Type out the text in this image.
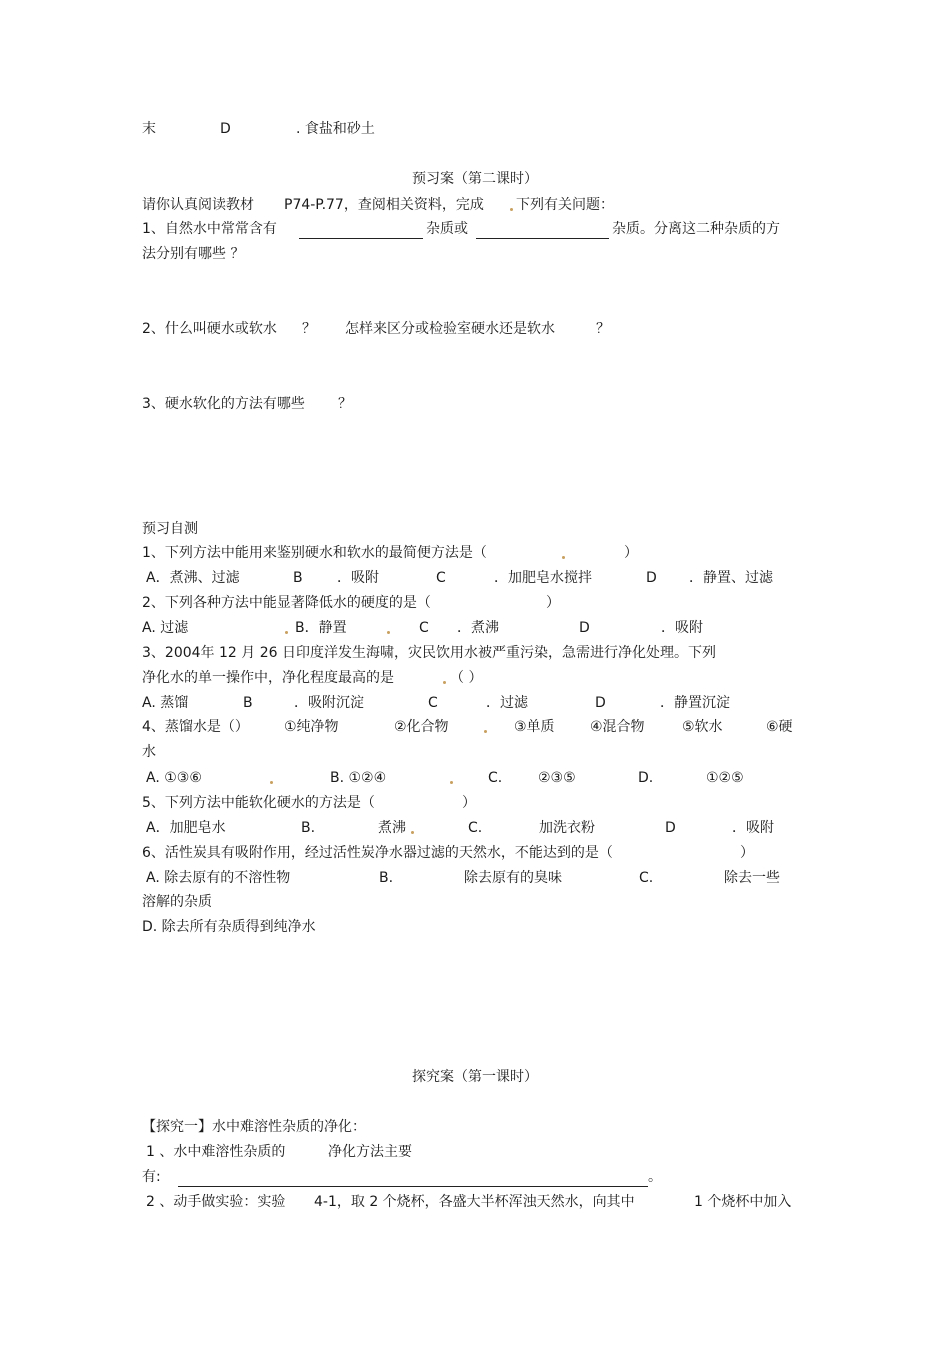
末	D	. 食盐和砂土
预习案（第二课时）
请你认真阅读教材 P74-P.77，查阅相关资料，完成 下列有关问题：
1、自然水中常常含有	杂质或	杂质。分离这二种杂质的方
法分别有哪些 ？
2、什么叫硬水或软水 ？ 怎样来区分或检验室硬水还是软水	？
3、硬水软化的方法有哪些 ？
预习自测
1、下列方法中能用来鉴别硬水和软水的最简便方法是（	）
A．煮沸、过滤	B ．吸附	C	．加肥皂水搅拌	D ．静置、过滤
2、下列各种方法中能显著降低水的硬度的是（	）
A. 过滤	B．静置	C ．煮沸	D	．吸附
3、2004年 12 月 26 日印度洋发生海啸，灾民饮用水被严重污染，急需进行净化处理。下列
净化水的单一操作中，净化程度最高的是	（ ）
A. 蒸馏	B	．吸附沉淀	C	．过滤	D	．静置沉淀
4、蒸馏水是（）	①纯净物	②化合物	③单质	④混合物	⑤软水	⑥硬
水
A. ①③⑥	B. ①②④	C.	②③⑤	D.	①②⑤
5、下列方法中能软化硬水的方法是（	）
A．加肥皂水	B.	煮沸	C.	加洗衣粉	D	．吸附
6、活性炭具有吸附作用，经过活性炭净水器过滤的天然水，不能达到的是（	）
A. 除去原有的不溶性物	B.	除去原有的臭味	C.	除去一些
溶解的杂质
D. 除去所有杂质得到纯净水
探究案（第一课时）
【探究一】水中难溶性杂质的净化：
1 、水中难溶性杂质的	净化方法主要
有:	。
2 、动手做实验：实验 4-1，取 2 个烧杯，各盛大半杯浑浊天然水，向其中	1 个烧杯中加入
